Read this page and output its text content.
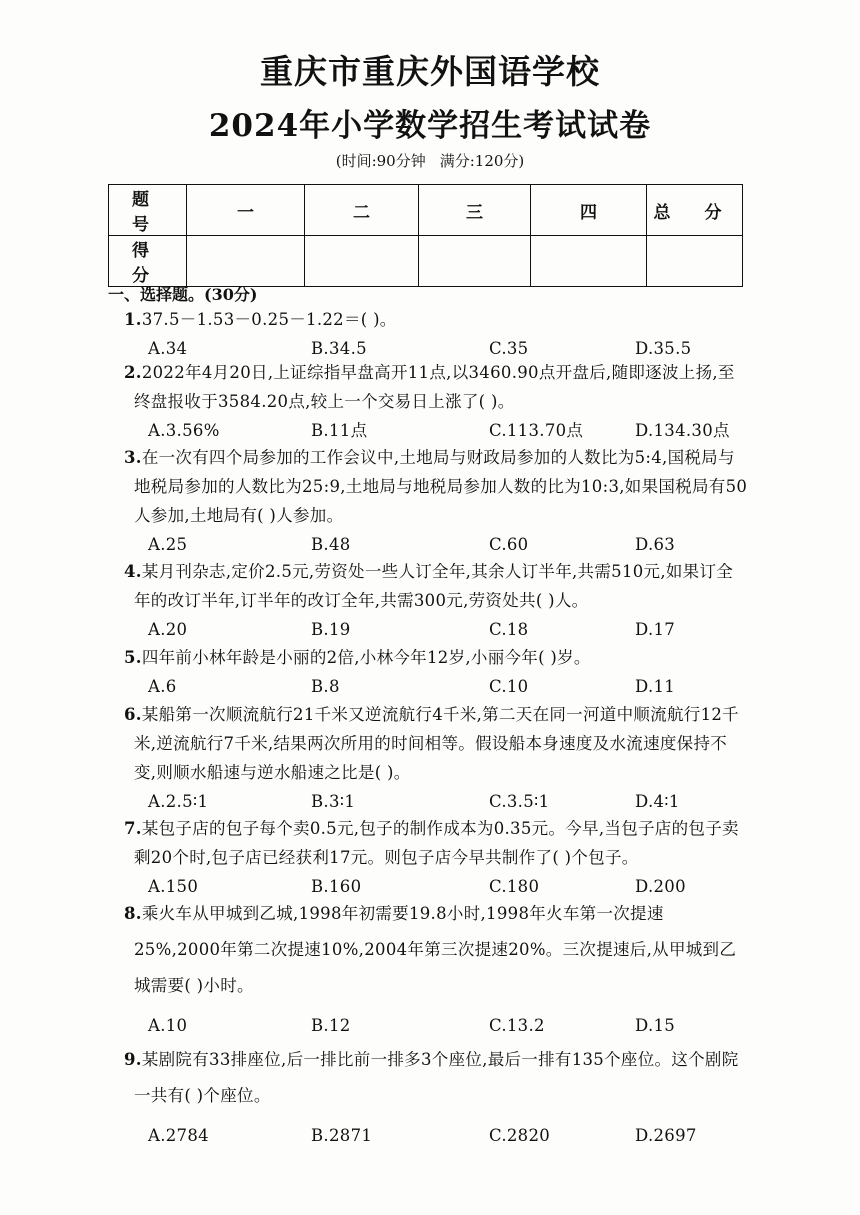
重庆市重庆外国语学校
2024年小学数学招生考试试卷
(时间:90分钟 满分:120分)
题 号	一	二	三	四	总 分
得 分					
一、选择题。(30分)
1.37.5－1.53－0.25－1.22＝( )。
A.34	B.34.5	C.35	D.35.5
2.2022年4月20日,上证综指早盘高开11点,以3460.90点开盘后,随即逐波上扬,至终盘报收于3584.20点,较上一个交易日上涨了( )。
A.3.56%	B.11点	C.113.70点	D.134.30点
3.在一次有四个局参加的工作会议中,土地局与财政局参加的人数比为5:4,国税局与地税局参加的人数比为25:9,土地局与地税局参加人数的比为10:3,如果国税局有50人参加,土地局有( )人参加。
A.25	B.48	C.60	D.63
4.某月刊杂志,定价2.5元,劳资处一些人订全年,其余人订半年,共需510元,如果订全年的改订半年,订半年的改订全年,共需300元,劳资处共( )人。
A.20	B.19	C.18	D.17
5.四年前小林年龄是小丽的2倍,小林今年12岁,小丽今年( )岁。
A.6	B.8	C.10	D.11
6.某船第一次顺流航行21千米又逆流航行4千米,第二天在同一河道中顺流航行12千米,逆流航行7千米,结果两次所用的时间相等。假设船本身速度及水流速度保持不变,则顺水船速与逆水船速之比是( )。
A.2.5∶1	B.3∶1	C.3.5∶1	D.4∶1
7.某包子店的包子每个卖0.5元,包子的制作成本为0.35元。今早,当包子店的包子卖剩20个时,包子店已经获利17元。则包子店今早共制作了( )个包子。
A.150	B.160	C.180	D.200
8.乘火车从甲城到乙城,1998年初需要19.8小时,1998年火车第一次提速25%,2000年第二次提速10%,2004年第三次提速20%。三次提速后,从甲城到乙城需要( )小时。
A.10	B.12	C.13.2	D.15
9.某剧院有33排座位,后一排比前一排多3个座位,最后一排有135个座位。这个剧院一共有( )个座位。
A.2784	B.2871	C.2820	D.2697
